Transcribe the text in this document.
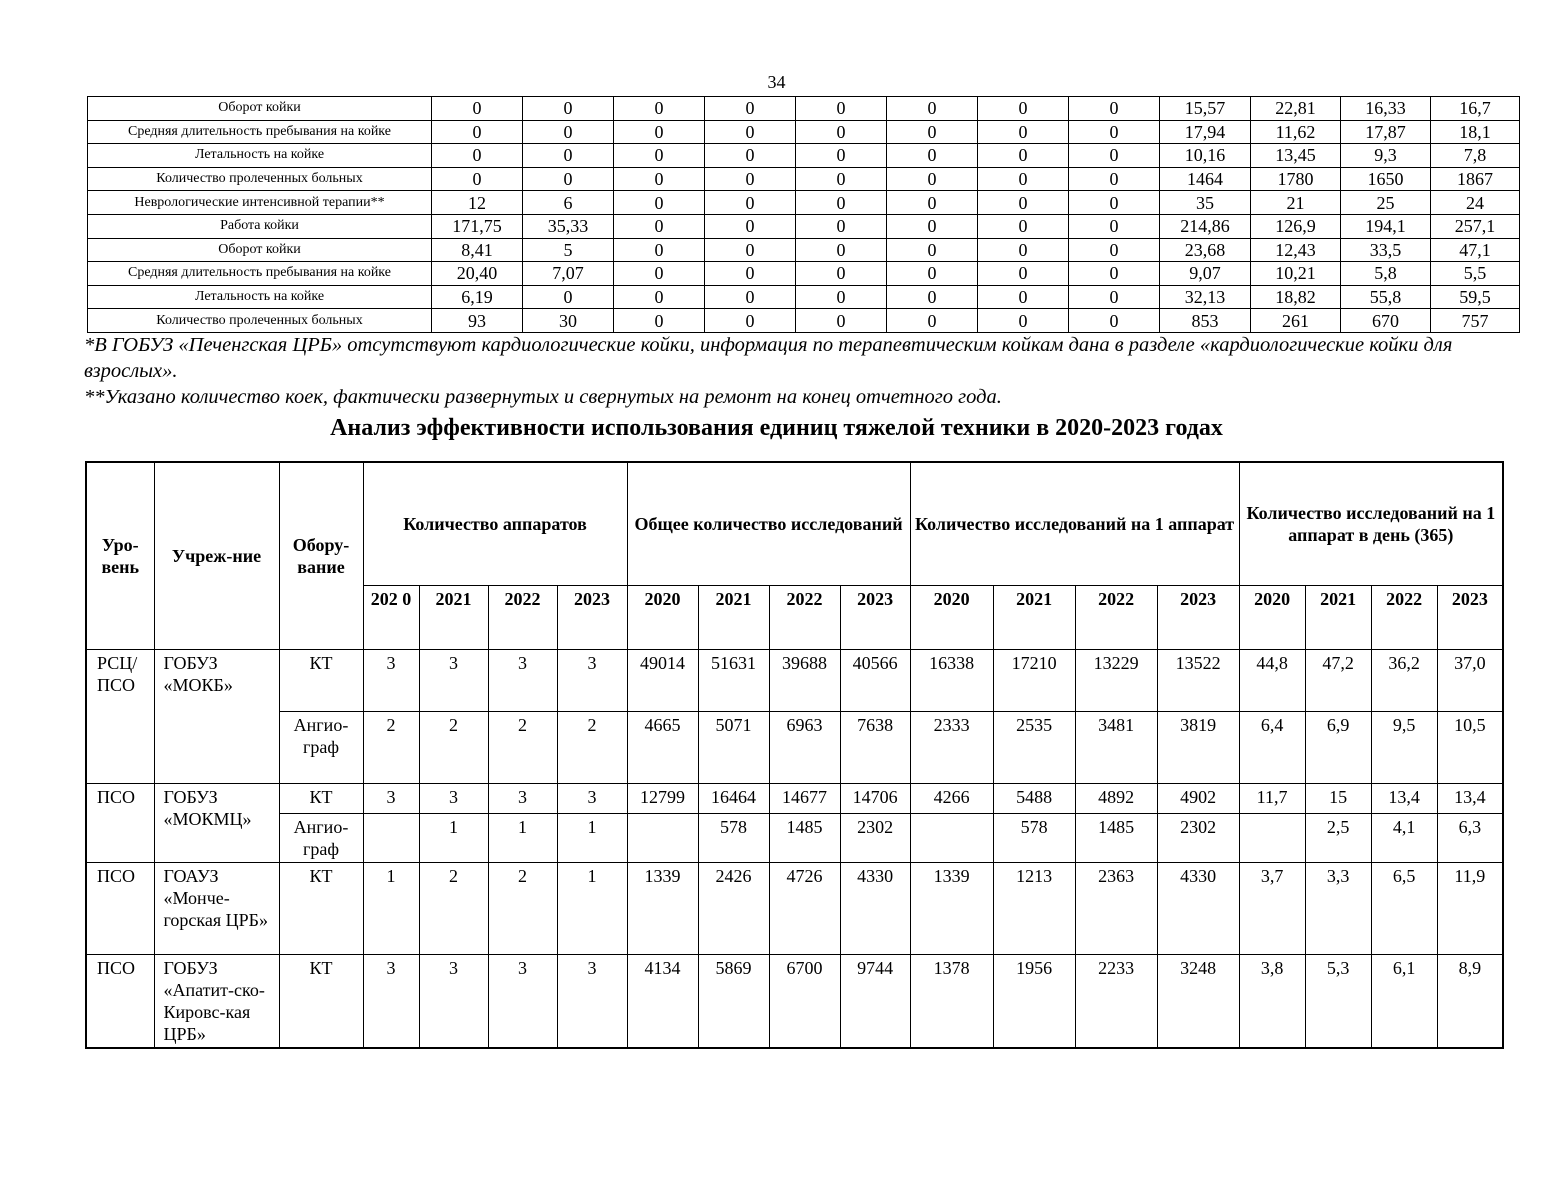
34
Оборот койки	0	0	0	0	0	0	0	0	15,57	22,81	16,33	16,7
Средняя длительность пребывания на койке	0	0	0	0	0	0	0	0	17,94	11,62	17,87	18,1
Летальность на койке	0	0	0	0	0	0	0	0	10,16	13,45	9,3	7,8
Количество пролеченных больных	0	0	0	0	0	0	0	0	1464	1780	1650	1867
Неврологические интенсивной терапии**	12	6	0	0	0	0	0	0	35	21	25	24
Работа койки	171,75	35,33	0	0	0	0	0	0	214,86	126,9	194,1	257,1
Оборот койки	8,41	5	0	0	0	0	0	0	23,68	12,43	33,5	47,1
Средняя длительность пребывания на койке	20,40	7,07	0	0	0	0	0	0	9,07	10,21	5,8	5,5
Летальность на койке	6,19	0	0	0	0	0	0	0	32,13	18,82	55,8	59,5
Количество пролеченных больных	93	30	0	0	0	0	0	0	853	261	670	757

*В ГОБУЗ «Печенгская ЦРБ» отсутствуют кардиологические койки, информация по терапевтическим койкам дана в разделе «кардиологические койки для взрослых».

**Указано количество коек, фактически развернутых и свернутых на ремонт на конец отчетного года.

Анализ эффективности использования единиц тяжелой техники в 2020-2023 годах
Уро-вень	Учреж-ние	Обору-вание	Количество аппаратов				Общее количество исследований				Количество исследований на 1 аппарат				Количество исследований на 1 аппарат в день (365)			
			202 0	2021	2022	2023	2020	2021	2022	2023	2020	2021	2022	2023	2020	2021	2022	2023
РСЦ/ ПСО	ГОБУЗ «МОКБ»	КТ	3	3	3	3	49014	51631	39688	40566	16338	17210	13229	13522	44,8	47,2	36,2	37,0
		Ангио-граф	2	2	2	2	4665	5071	6963	7638	2333	2535	3481	3819	6,4	6,9	9,5	10,5
ПСО	ГОБУЗ «МОКМЦ»	КТ	3	3	3	3	12799	16464	14677	14706	4266	5488	4892	4902	11,7	15	13,4	13,4
		Ангио-граф		1	1	1		578	1485	2302		578	1485	2302		2,5	4,1	6,3
ПСО	ГОАУЗ «Монче-горская ЦРБ»	КТ	1	2	2	1	1339	2426	4726	4330	1339	1213	2363	4330	3,7	3,3	6,5	11,9
ПСО	ГОБУЗ «Апатит-ско-Кировс-кая ЦРБ»	КТ	3	3	3	3	4134	5869	6700	9744	1378	1956	2233	3248	3,8	5,3	6,1	8,9
